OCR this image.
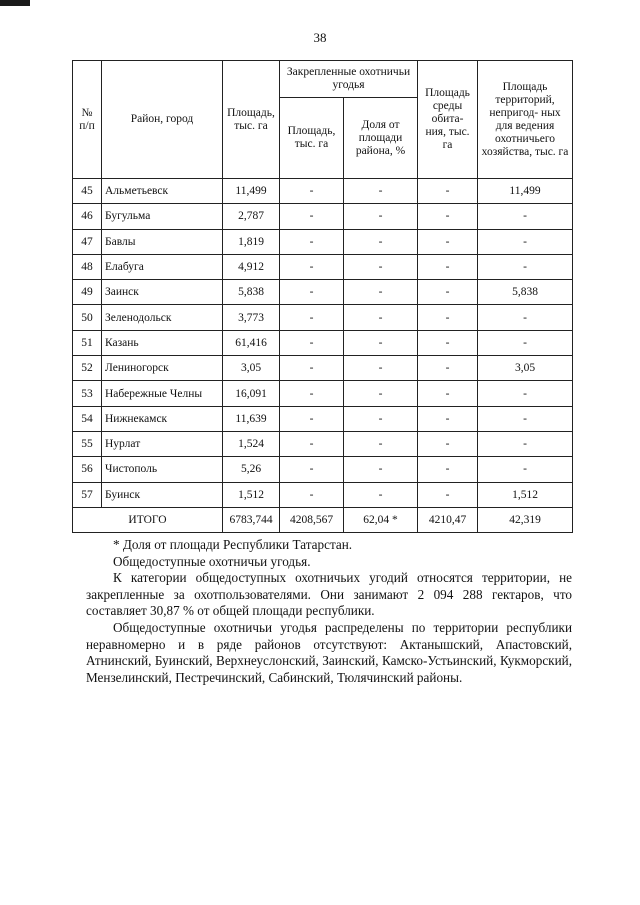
38
№ п/п	Район, город	Площадь, тыс. га	Закрепленные охотничьи угодья		Площадь среды обита- ния, тыс. га	Площадь территорий, непригод- ных для ведения охотничьего хозяйства, тыс. га
			Площадь, тыс. га	Доля от площади района, %		
45	Альметьевск	11,499	-	-	-	11,499
46	Бугульма	2,787	-	-	-	-
47	Бавлы	1,819	-	-	-	-
48	Елабуга	4,912	-	-	-	-
49	Заинск	5,838	-	-	-	5,838
50	Зеленодольск	3,773	-	-	-	-
51	Казань	61,416	-	-	-	-
52	Лениногорск	3,05	-	-	-	3,05
53	Набережные Челны	16,091	-	-	-	-
54	Нижнекамск	11,639	-	-	-	-
55	Нурлат	1,524	-	-	-	-
56	Чистополь	5,26	-	-	-	-
57	Буинск	1,512	-	-	-	1,512
ИТОГО		6783,744	4208,567	62,04 *	4210,47	42,319

* Доля от площади Республики Татарстан.

Общедоступные охотничьи угодья.

К категории общедоступных охотничьих угодий относятся территории, не закрепленные за охотпользователями. Они занимают 2 094 288 гектаров, что составляет 30,87 % от общей площади республики.

Общедоступные охотничьи угодья распределены по территории республики неравномерно и в ряде районов отсутствуют: Актанышский, Апастовский, Атнинский, Буинский, Верхнеуслонский, Заинский, Камско-Устьинский, Кукморский, Мензелинский, Пестречинский, Сабинский, Тюлячинский районы.
